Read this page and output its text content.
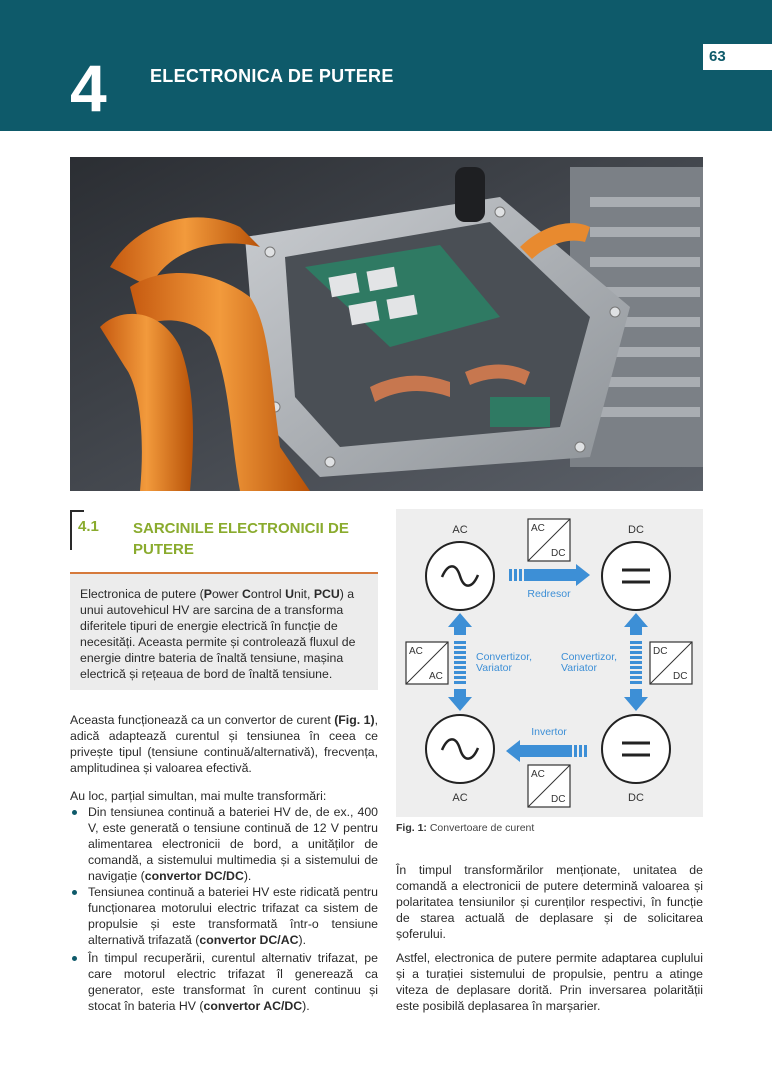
4 ELECTRONICA DE PUTERE
63
4.1 SARCINILE ELECTRONICII DE
PUTERE
Electronica de putere (Power Control Unit, PCU) a unui autovehicul HV are sarcina de a transforma diferitele tipuri de energie electrică în funcție de necesități. Aceasta permite și controlează fluxul de energie dintre bateria de înaltă tensiune, mașina electrică și rețeaua de bord de înaltă tensiune.
Aceasta funcționează ca un convertor de curent (Fig. 1), adică adaptează curentul și tensiunea în ceea ce privește tipul (tensiune continuă/alternativă), frecvența, amplitudinea și valoarea efectivă.
Au loc, parțial simultan, mai multe transformări:
Din tensiunea continuă a bateriei HV de, de ex., 400 V, este generată o tensiune continuă de 12 V pentru alimentarea electronicii de bord, a unităților de comandă, a sistemului multimedia și a sistemului de navigație (convertor DC/DC).
Tensiunea continuă a bateriei HV este ridicată pentru funcționarea motorului electric trifazat ca sistem de propulsie și este transformată într-o tensiune alternativă trifazată (convertor DC/AC).
În timpul recuperării, curentul alternativ trifazat, pe care motorul electric trifazat îl generează ca generator, este transformat în curent continuu și stocat în bateria HV (convertor AC/DC).
AC	DC
AC	DC
AC
DC
AC
AC
DC
DC
AC
DC
Redresor
Invertor
Convertizor,
Variator
Convertizor,
Variator
Fig. 1: Convertoare de curent
În timpul transformărilor menționate, unitatea de comandă a electronicii de putere determină valoarea și polaritatea tensiunilor și curenților respectivi, în funcție de starea actuală de deplasare și de solicitarea șoferului.
Astfel, electronica de putere permite adaptarea cuplului și a turației sistemului de propulsie, pentru a atinge viteza de deplasare dorită. Prin inversarea polarității este posibilă deplasarea în marșarier.
